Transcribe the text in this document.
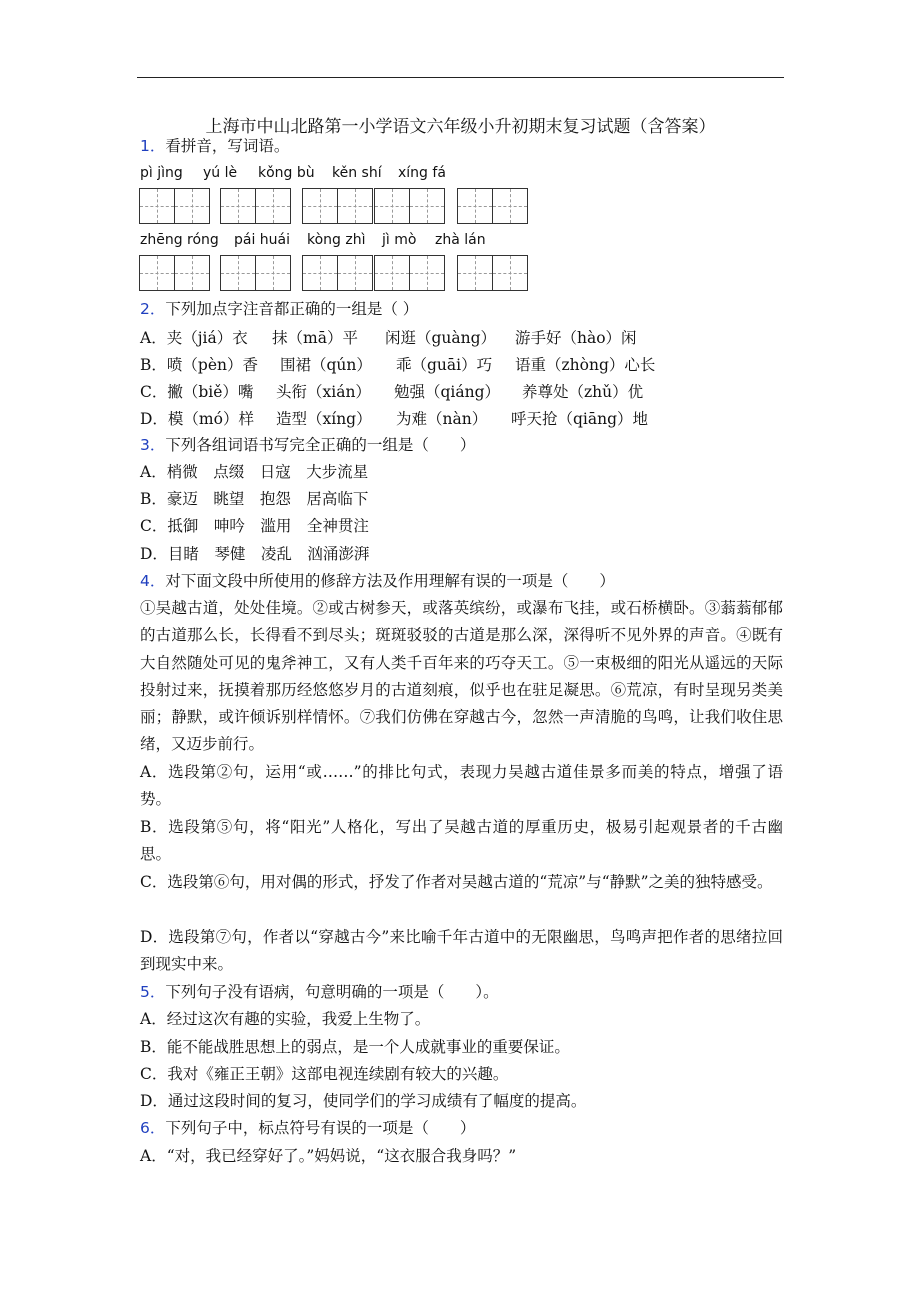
上海市中山北路第一小学语文六年级小升初期末复习试题（含答案）
1．看拼音，写词语。
pì jìng yú lè kǒng bù kěn shí xíng fá
zhēng róng pái huái kòng zhì jì mò zhà lán
2．下列加点字注音都正确的一组是（ ）
A．夹（jiá）衣 抹（mā）平 闲逛（guàng） 游手好（hào）闲
B．喷（pèn）香 围裙（qún） 乖（guāi）巧 语重（zhòng）心长
C．撇（biě）嘴 头衔（xián） 勉强（qiáng） 养尊处（zhǔ）优
D．模（mó）样 造型（xíng） 为难（nàn） 呼天抢（qiāng）地
3．下列各组词语书写完全正确的一组是（　　）
A．梢微　点缀　日寇　大步流星
B．豪迈　眺望　抱怨　居高临下
C．抵御　呻吟　滥用　全神贯注
D．目睹　琴健　凌乱　汹涌澎湃
4．对下面文段中所使用的修辞方法及作用理解有误的一项是（　　）
①吴越古道，处处佳境。②或古树参天，或落英缤纷，或瀑布飞挂，或石桥横卧。③蓊蓊郁郁的古道那么长，长得看不到尽头；斑斑驳驳的古道是那么深，深得听不见外界的声音。④既有大自然随处可见的鬼斧神工，又有人类千百年来的巧夺天工。⑤一束极细的阳光从遥远的天际投射过来，抚摸着那历经悠悠岁月的古道刻痕，似乎也在驻足凝思。⑥荒凉，有时呈现另类美丽；静默，或许倾诉别样情怀。⑦我们仿佛在穿越古今，忽然一声清脆的鸟鸣，让我们收住思绪，又迈步前行。
A．选段第②句，运用“或……”的排比句式，表现力吴越古道佳景多而美的特点，增强了语势。
B．选段第⑤句，将“阳光”人格化，写出了吴越古道的厚重历史，极易引起观景者的千古幽思。
C．选段第⑥句，用对偶的形式，抒发了作者对吴越古道的“荒凉”与“静默”之美的独特感受。
D．选段第⑦句，作者以“穿越古今”来比喻千年古道中的无限幽思，鸟鸣声把作者的思绪拉回到现实中来。
5．下列句子没有语病，句意明确的一项是（　　）。
A．经过这次有趣的实验，我爱上生物了。
B．能不能战胜思想上的弱点，是一个人成就事业的重要保证。
C．我对《雍正王朝》这部电视连续剧有较大的兴趣。
D．通过这段时间的复习，使同学们的学习成绩有了幅度的提高。
6．下列句子中，标点符号有误的一项是（　　）
A．“对，我已经穿好了。”妈妈说，“这衣服合我身吗？”
